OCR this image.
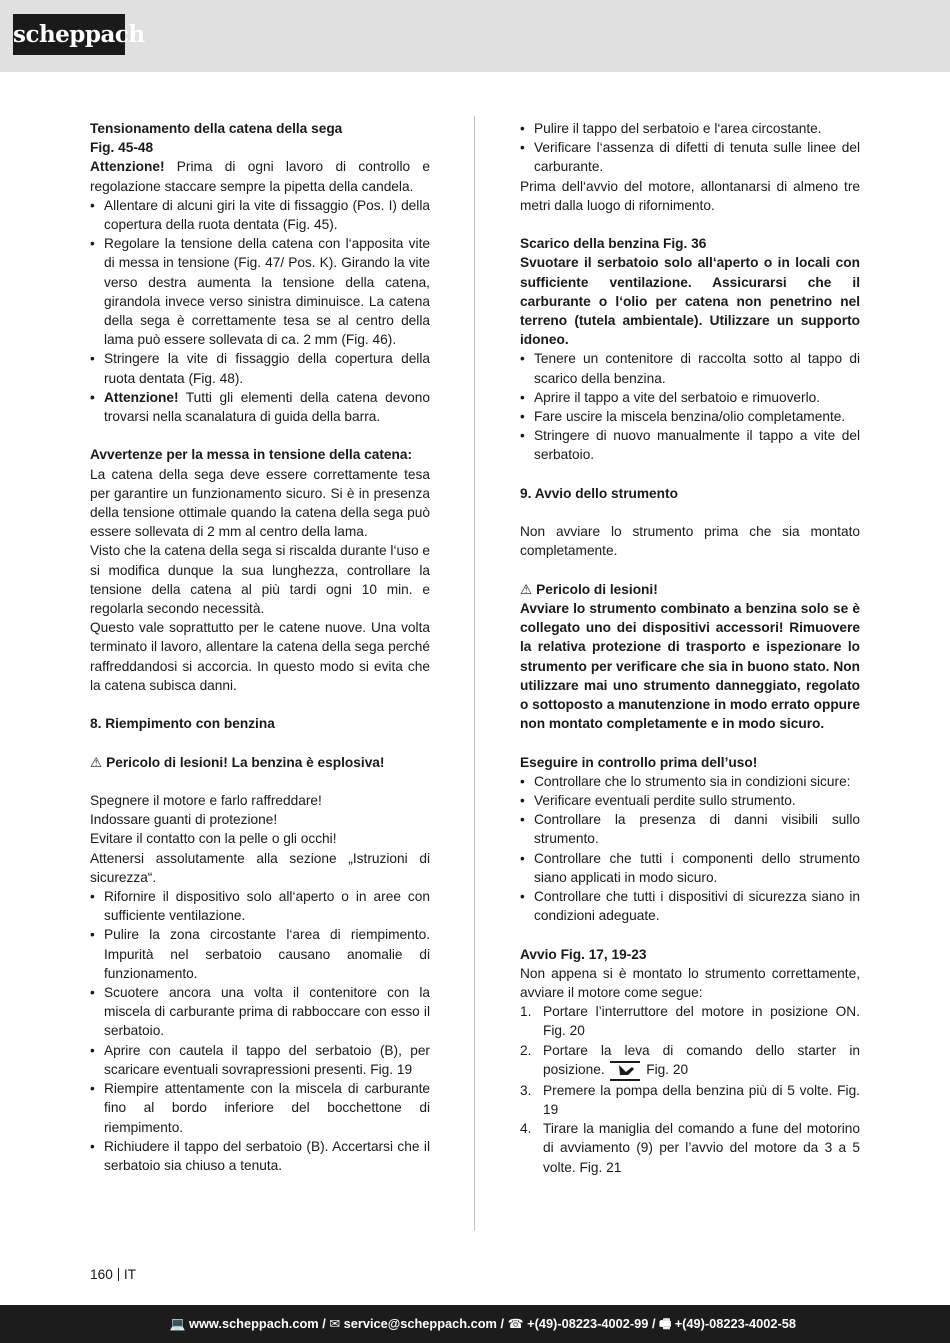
scheppach

Tensionamento della catena della sega

Fig. 45-48

Attenzione! Prima di ogni lavoro di controllo e regolazione staccare sempre la pipetta della candela.

• Allentare di alcuni giri la vite di fissaggio (Pos. I) della copertura della ruota dentata (Fig. 45).
• Regolare la tensione della catena con l‘apposita vite di messa in tensione (Fig. 47/ Pos. K). Girando la vite verso destra aumenta la tensione della catena, girandola invece verso sinistra diminuisce. La catena della sega è correttamente tesa se al centro della lama può essere sollevata di ca. 2 mm (Fig. 46).
• Stringere la vite di fissaggio della copertura della ruota dentata (Fig. 48).
• Attenzione! Tutti gli elementi della catena devono trovarsi nella scanalatura di guida della barra.

Avvertenze per la messa in tensione della catena:

La catena della sega deve essere correttamente tesa per garantire un funzionamento sicuro. Si è in presenza della tensione ottimale quando la catena della sega può essere sollevata di 2 mm al centro della lama.

Visto che la catena della sega si riscalda durante l‘uso e si modifica dunque la sua lunghezza, controllare la tensione della catena al più tardi ogni 10 min. e regolarla secondo necessità.

Questo vale soprattutto per le catene nuove. Una volta terminato il lavoro, allentare la catena della sega perché raffreddandosi si accorcia. In questo modo si evita che la catena subisca danni.

8. Riempimento con benzina

⚠ Pericolo di lesioni! La benzina è esplosiva!

Spegnere il motore e farlo raffreddare!

Indossare guanti di protezione!

Evitare il contatto con la pelle o gli occhi!

Attenersi assolutamente alla sezione „Istruzioni di sicurezza“.

• Rifornire il dispositivo solo all‘aperto o in aree con sufficiente ventilazione.
• Pulire la zona circostante l‘area di riempimento. Impurità nel serbatoio causano anomalie di funzionamento.
• Scuotere ancora una volta il contenitore con la miscela di carburante prima di rabboccare con esso il serbatoio.
• Aprire con cautela il tappo del serbatoio (B), per scaricare eventuali sovrapressioni presenti. Fig. 19
• Riempire attentamente con la miscela di carburante fino al bordo inferiore del bocchettone di riempimento.
• Richiudere il tappo del serbatoio (B). Accertarsi che il serbatoio sia chiuso a tenuta.
• Pulire il tappo del serbatoio e l‘area circostante.
• Verificare l‘assenza di difetti di tenuta sulle linee del carburante.

Prima dell‘avvio del motore, allontanarsi di almeno tre metri dalla luogo di rifornimento.

Scarico della benzina Fig. 36

Svuotare il serbatoio solo all‘aperto o in locali con sufficiente ventilazione. Assicurarsi che il carburante o l‘olio per catena non penetrino nel terreno (tutela ambientale). Utilizzare un supporto idoneo.

• Tenere un contenitore di raccolta sotto al tappo di scarico della benzina.
• Aprire il tappo a vite del serbatoio e rimuoverlo.
• Fare uscire la miscela benzina/olio completamente.
• Stringere di nuovo manualmente il tappo a vite del serbatoio.

9. Avvio dello strumento

Non avviare lo strumento prima che sia montato completamente.

⚠ Pericolo di lesioni!

Avviare lo strumento combinato a benzina solo se è collegato uno dei dispositivi accessori! Rimuovere la relativa protezione di trasporto e ispezionare lo strumento per verificare che sia in buono stato. Non utilizzare mai uno strumento danneggiato, regolato o sottoposto a manutenzione in modo errato oppure non montato completamente e in modo sicuro.

Eseguire in controllo prima dell’uso!

• Controllare che lo strumento sia in condizioni sicure:
• Verificare eventuali perdite sullo strumento.
• Controllare la presenza di danni visibili sullo strumento.
• Controllare che tutti i componenti dello strumento siano applicati in modo sicuro.
• Controllare che tutti i dispositivi di sicurezza siano in condizioni adeguate.

Avvio Fig. 17, 19-23

Non appena si è montato lo strumento correttamente, avviare il motore come segue:

1. Portare l’interruttore del motore in posizione ON. Fig. 20
2. Portare la leva di comando dello starter in posizione.	Fig. 20
3. Premere la pompa della benzina più di 5 volte. Fig. 19
4. Tirare la maniglia del comando a fune del motorino di avviamento (9) per l’avvio del motore da 3 a 5 volte. Fig. 21
160 IT
💻 www.scheppach.com / ✉ service@scheppach.com / ☎ +(49)-08223-4002-99 / 🖷 +(49)-08223-4002-58
